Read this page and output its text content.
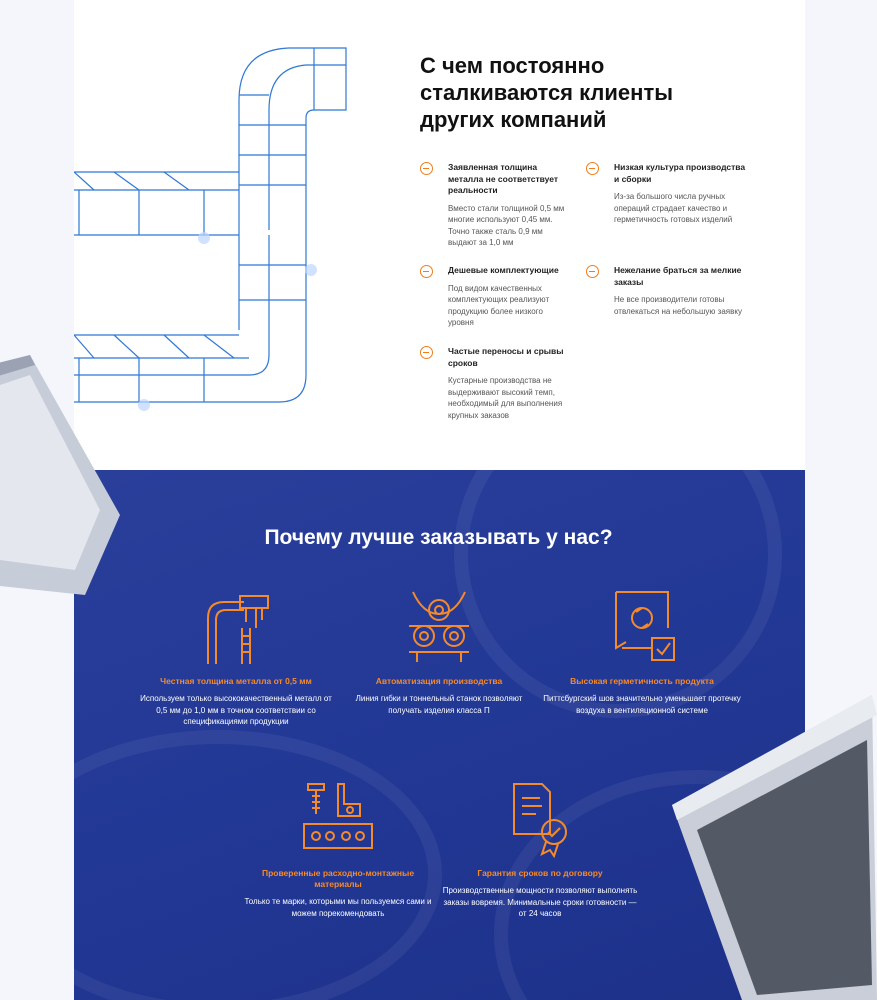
С чем постоянно сталкиваются клиенты других компаний
Заявленная толщина металла не соответствует реальности
Вместо стали толщиной 0,5 мм многие используют 0,45 мм. Точно также сталь 0,9 мм выдают за 1,0 мм
Низкая культура производства и сборки
Из-за большого числа ручных операций страдает качество и герметичность готовых изделий
Дешевые комплектующие
Под видом качественных комплектующих реализуют продукцию более низкого уровня
Нежелание браться за мелкие заказы
Не все производители готовы отвлекаться на небольшую заявку
Частые переносы и срывы сроков
Кустарные производства не выдерживают высокий темп, необходимый для выполнения крупных заказов
Почему лучше заказывать у нас?
Честная толщина металла от 0,5 мм
Используем только высококачественный металл от 0,5 мм до 1,0 мм в точном соответствии со спецификациями продукции
Автоматизация производства
Линия гибки и тоннельный станок позволяют получать изделия класса П
Высокая герметичность продукта
Питтсбургский шов значительно уменьшает протечку воздуха в вентиляционной системе
Проверенные расходно-монтажные материалы
Только те марки, которыми мы пользуемся сами и можем порекомендовать
Гарантия сроков по договору
Производственные мощности позволяют выполнять заказы вовремя. Минимальные сроки готовности — от 24 часов
